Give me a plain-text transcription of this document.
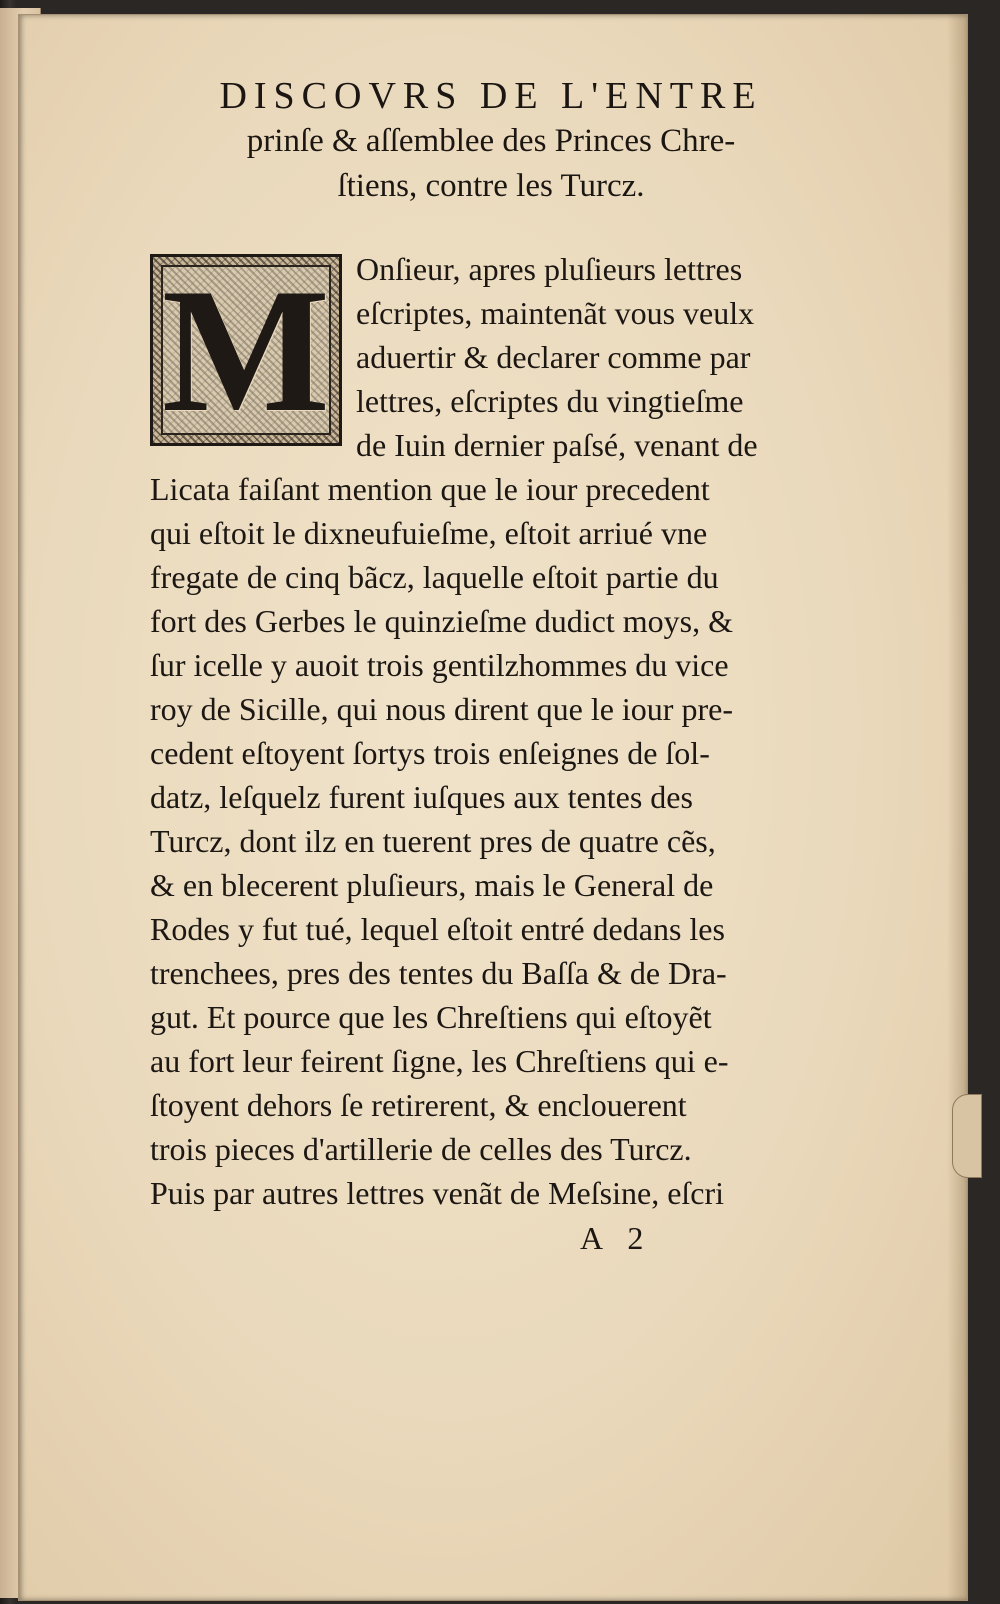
DISCOVRS DE L'ENTRE
prinſe & aſſemblee des Princes Chre-
ſtiens, contre les Turcz.
M Onſieur, apres pluſieurs lettres
eſcriptes, maintenãt vous veulx
aduertir & declarer comme par
lettres, eſcriptes du vingtieſme
de Iuin dernier paſsé, venant de
Licata faiſant mention que le iour precedent
qui eſtoit le dixneufuieſme, eſtoit arriué vne
fregate de cinq bãcz, laquelle eſtoit partie du
fort des Gerbes le quinzieſme dudict moys, &
ſur icelle y auoit trois gentilzhommes du vice
roy de Sicille, qui nous dirent que le iour pre-
cedent eſtoyent ſortys trois enſeignes de ſol-
datz, leſquelz furent iuſques aux tentes des
Turcz, dont ilz en tuerent pres de quatre cẽs,
& en blecerent pluſieurs, mais le General de
Rodes y fut tué, lequel eſtoit entré dedans les
trenchees, pres des tentes du Baſſa & de Dra-
gut. Et pource que les Chreſtiens qui eſtoyẽt
au fort leur feirent ſigne, les Chreſtiens qui e-
ſtoyent dehors ſe retirerent, & enclouerent
trois pieces d'artillerie de celles des Turcz.
Puis par autres lettres venãt de Meſsine, eſcri
A 2
